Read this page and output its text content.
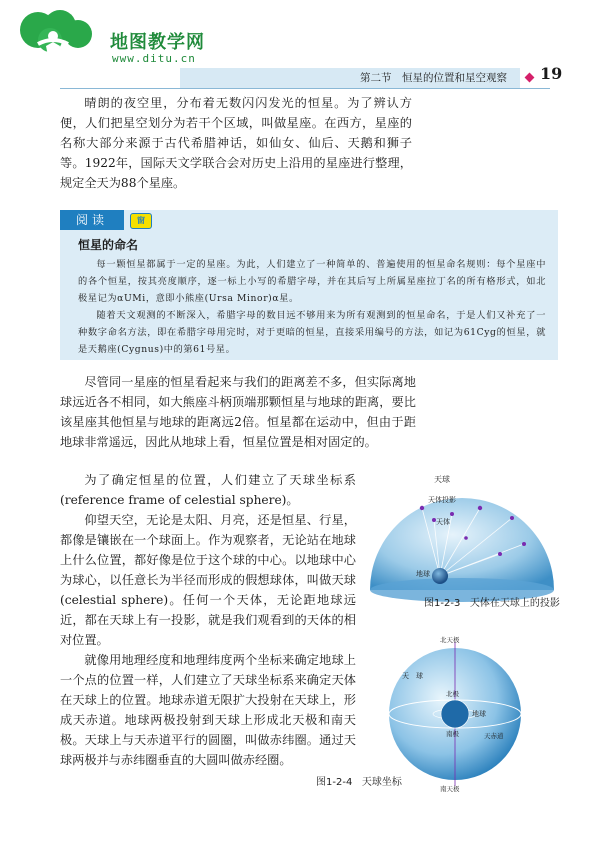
地图教学网
www.ditu.cn
第二节　恒星的位置和星空观察 19

晴朗的夜空里，分布着无数闪闪发光的恒星。为了辨认方便，人们把星空划分为若干个区域，叫做星座。在西方，星座的名称大部分来源于古代希腊神话，如仙女、仙后、天鹅和狮子等。1922年，国际天文学联合会对历史上沿用的星座进行整理，规定全天为88个星座。

阅读	窗
恒星的命名

每一颗恒星都属于一定的星座。为此，人们建立了一种简单的、普遍使用的恒星命名规则：每个星座中的各个恒星，按其亮度顺序，逐一标上小写的希腊字母，并在其后写上所属星座拉丁名的所有格形式，如北极星记为αUMi，意即小熊座(Ursa Minor)α星。

随着天文观测的不断深入，希腊字母的数目远不够用来为所有观测到的恒星命名，于是人们又补充了一种数字命名方法，即在希腊字母用完时，对于更暗的恒星，直接采用编号的方法，如记为61Cyg的恒星，就是天鹅座(Cygnus)中的第61号星。

尽管同一星座的恒星看起来与我们的距离差不多，但实际离地球远近各不相同，如大熊座斗柄顶端那颗恒星与地球的距离，要比该星座其他恒星与地球的距离远2倍。恒星都在运动中，但由于距地球非常遥远，因此从地球上看，恒星位置是相对固定的。

为了确定恒星的位置，人们建立了天球坐标系(reference frame of celestial sphere)。

仰望天空，无论是太阳、月亮，还是恒星、行星，都像是镶嵌在一个球面上。作为观察者，无论站在地球上什么位置，都好像是位于这个球的中心。以地球中心为球心，以任意长为半径而形成的假想球体，叫做天球(celestial sphere)。任何一个天体，无论距地球远近，都在天球上有一投影，就是我们观看到的天体的相对位置。

就像用地理经度和地理纬度两个坐标来确定地球上一个点的位置一样，人们建立了天球坐标系来确定天体在天球上的位置。地球赤道无限扩大投射在天球上，形成天赤道。地球两极投射到天球上形成北天极和南天极。天球上与天赤道平行的圆圈，叫做赤纬圈。通过天球两极并与赤纬圈垂直的大圆叫做赤经圈。

天球
天体投影
天体
地球
图1-2-3 天体在天球上的投影
北天极
南天极
天　球
北极
南极
地球
天赤道
图1-2-4 天球坐标
